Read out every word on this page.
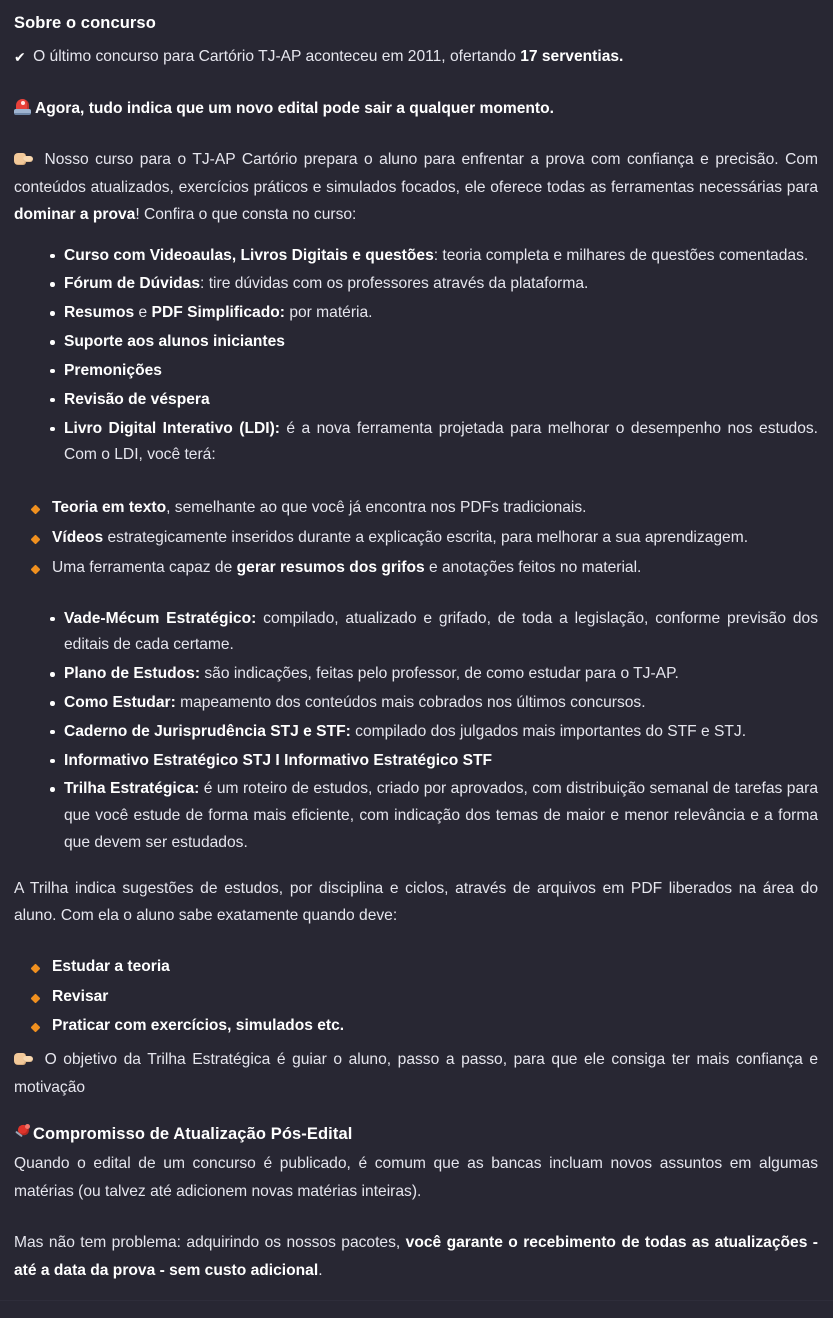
Sobre o concurso

✔ O último concurso para Cartório TJ-AP aconteceu em 2011, ofertando 17 serventias.

Agora, tudo indica que um novo edital pode sair a qualquer momento.

Nosso curso para o TJ-AP Cartório prepara o aluno para enfrentar a prova com confiança e precisão. Com conteúdos atualizados, exercícios práticos e simulados focados, ele oferece todas as ferramentas necessárias para dominar a prova! Confira o que consta no curso:

Curso com Videoaulas, Livros Digitais e questões: teoria completa e milhares de questões comentadas.
Fórum de Dúvidas: tire dúvidas com os professores através da plataforma.
Resumos e PDF Simplificado: por matéria.
Suporte aos alunos iniciantes
Premonições
Revisão de véspera
Livro Digital Interativo (LDI): é a nova ferramenta projetada para melhorar o desempenho nos estudos. Com o LDI, você terá:
Teoria em texto, semelhante ao que você já encontra nos PDFs tradicionais.
Vídeos estrategicamente inseridos durante a explicação escrita, para melhorar a sua aprendizagem.
Uma ferramenta capaz de gerar resumos dos grifos e anotações feitos no material.
Vade-Mécum Estratégico: compilado, atualizado e grifado, de toda a legislação, conforme previsão dos editais de cada certame.
Plano de Estudos: são indicações, feitas pelo professor, de como estudar para o TJ-AP.
Como Estudar: mapeamento dos conteúdos mais cobrados nos últimos concursos.
Caderno de Jurisprudência STJ e STF: compilado dos julgados mais importantes do STF e STJ.
Informativo Estratégico STJ I Informativo Estratégico STF
Trilha Estratégica: é um roteiro de estudos, criado por aprovados, com distribuição semanal de tarefas para que você estude de forma mais eficiente, com indicação dos temas de maior e menor relevância e a forma que devem ser estudados.

A Trilha indica sugestões de estudos, por disciplina e ciclos, através de arquivos em PDF liberados na área do aluno. Com ela o aluno sabe exatamente quando deve:

Estudar a teoria
Revisar
Praticar com exercícios, simulados etc.

O objetivo da Trilha Estratégica é guiar o aluno, passo a passo, para que ele consiga ter mais confiança e motivação

Compromisso de Atualização Pós-Edital

Quando o edital de um concurso é publicado, é comum que as bancas incluam novos assuntos em algumas matérias (ou talvez até adicionem novas matérias inteiras).

Mas não tem problema: adquirindo os nossos pacotes, você garante o recebimento de todas as atualizações - até a data da prova - sem custo adicional.
